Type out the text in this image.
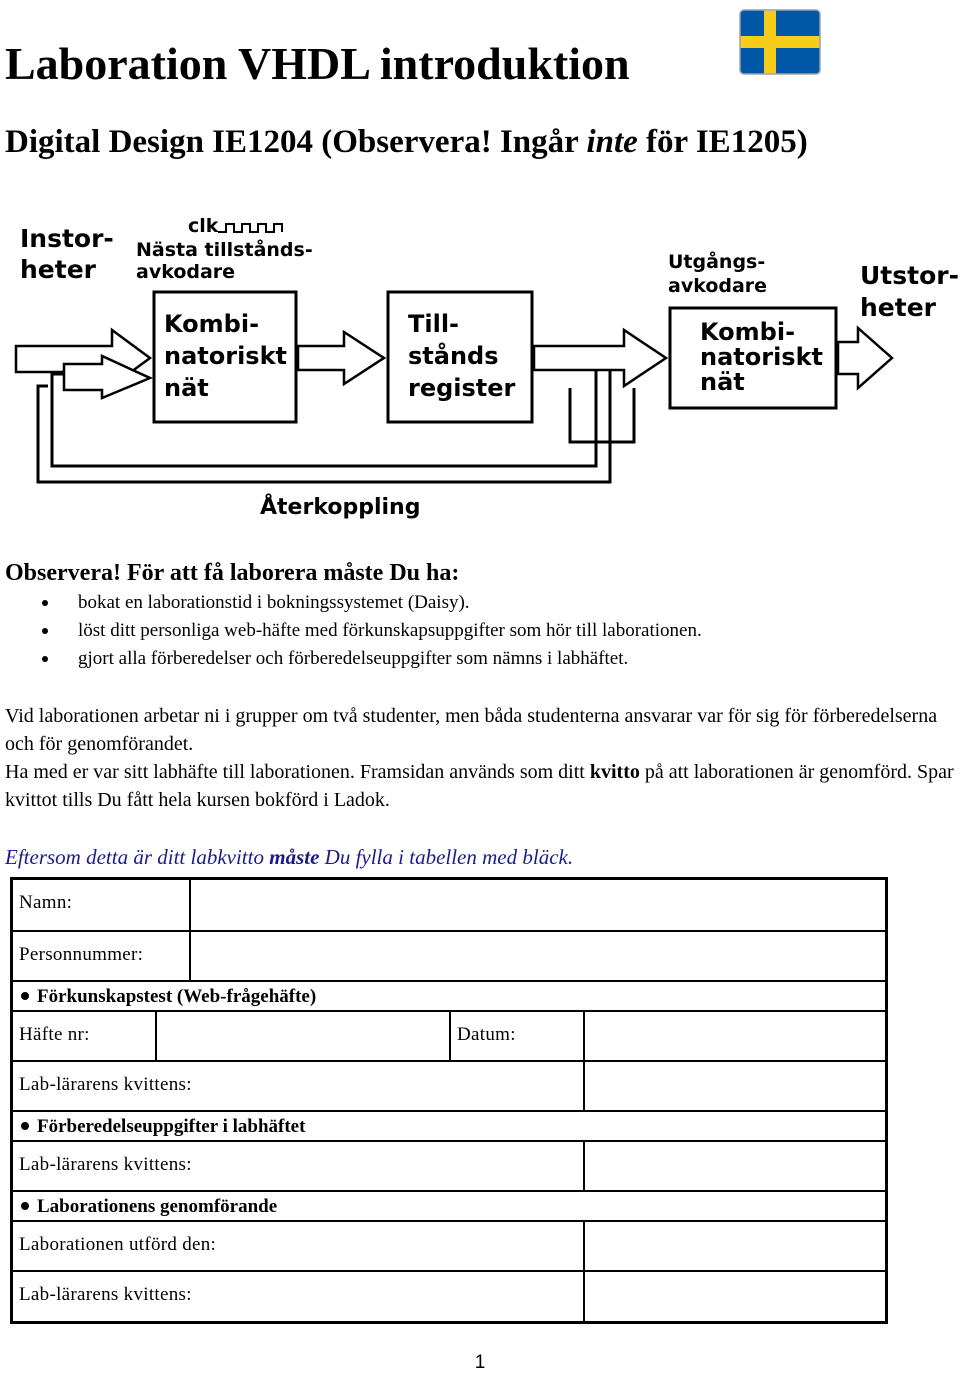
Laboration VHDL introduktion
Digital Design IE1204 (Observera! Ingår inte för IE1205)
Instor-
heter
clk
Nästa tillstånds-
avkodare
Kombi-
natoriskt
nät
Till-
stånds
register
Utgångs-
avkodare
Kombi-
natoriskt
nät
Utstor-
heter
Återkoppling

Observera! För att få laborera måste Du ha:

bokat en laborationstid i bokningssystemet (Daisy).
löst ditt personliga web-häfte med förkunskapsuppgifter som hör till laborationen.
gjort alla förberedelser och förberedelseuppgifter som nämns i labhäftet.

Vid laborationen arbetar ni i grupper om två studenter, men båda studenterna ansvarar var för sig för förberedelserna och för genomförandet.

Ha med er var sitt labhäfte till laborationen. Framsidan används som ditt kvitto på att laborationen är genomförd. Spar kvittot tills Du fått hela kursen bokförd i Ladok.

Eftersom detta är ditt labkvitto måste Du fylla i tabellen med bläck.

Namn:
Personnummer:
Förkunskapstest (Web-frågehäfte)
Häfte nr:	Datum:
Lab-lärarens kvittens:
Förberedelseuppgifter i labhäftet
Lab-lärarens kvittens:
Laborationens genomförande
Laborationen utförd den:
Lab-lärarens kvittens:
1
